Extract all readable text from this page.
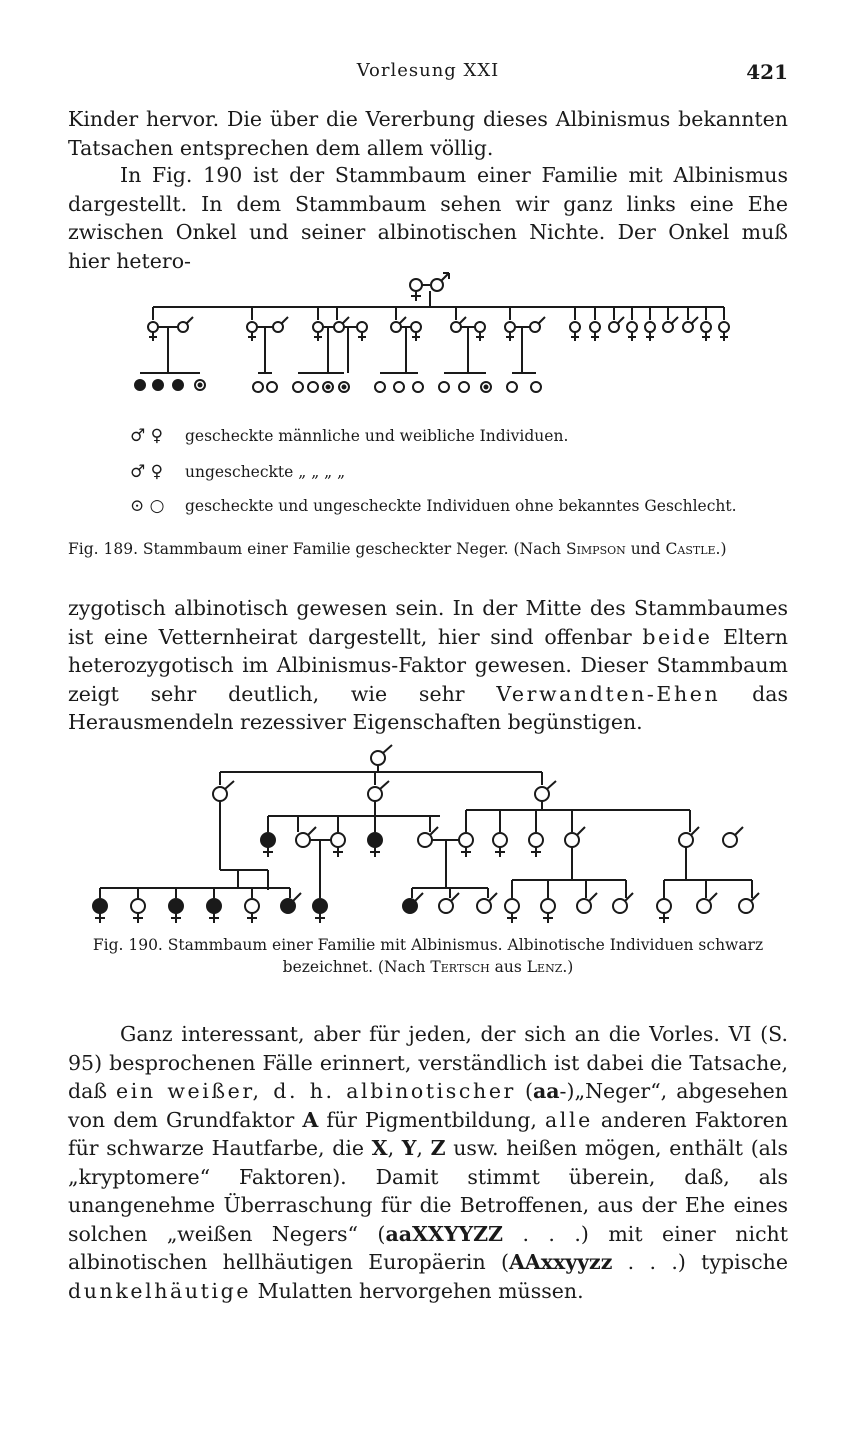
Vorlesung XXI	421

Kinder hervor. Die über die Vererbung dieses Albinismus bekannten Tatsachen entsprechen dem allem völlig.

In Fig. 190 ist der Stammbaum einer Familie mit Albinismus dargestellt. In dem Stammbaum sehen wir ganz links eine Ehe zwischen Onkel und seiner albinotischen Nichte. Der Onkel muß hier hetero-

♂ ♀ gescheckte männliche und weibliche Individuen.
♂ ♀ ungescheckte „ „ „ „
⊙ ○ gescheckte und ungescheckte Individuen ohne bekanntes Geschlecht.
Fig. 189. Stammbaum einer Familie gescheckter Neger. (Nach Simpson und Castle.)

zygotisch albinotisch gewesen sein. In der Mitte des Stammbaumes ist eine Vetternheirat dargestellt, hier sind offenbar beide Eltern heterozygotisch im Albinismus-Faktor gewesen. Dieser Stammbaum zeigt sehr deutlich, wie sehr Verwandten-Ehen das Herausmendeln rezessiver Eigenschaften begünstigen.

Fig. 190. Stammbaum einer Familie mit Albinismus. Albinotische Individuen schwarz
bezeichnet. (Nach Tertsch aus Lenz.)

Ganz interessant, aber für jeden, der sich an die Vorles. VI (S. 95) besprochenen Fälle erinnert, verständlich ist dabei die Tatsache, daß ein weißer, d. h. albinotischer (aa-)„Neger“, abgesehen von dem Grundfaktor A für Pigmentbildung, alle anderen Faktoren für schwarze Hautfarbe, die X, Y, Z usw. heißen mögen, enthält (als „kryptomere“ Faktoren). Damit stimmt überein, daß, als unangenehme Überraschung für die Betroffenen, aus der Ehe eines solchen „weißen Negers“ (aaXXYYZZ . . .) mit einer nicht albinotischen hellhäutigen Europäerin (AAxxyyzz . . .) typische dunkelhäutige Mulatten hervorgehen müssen.
